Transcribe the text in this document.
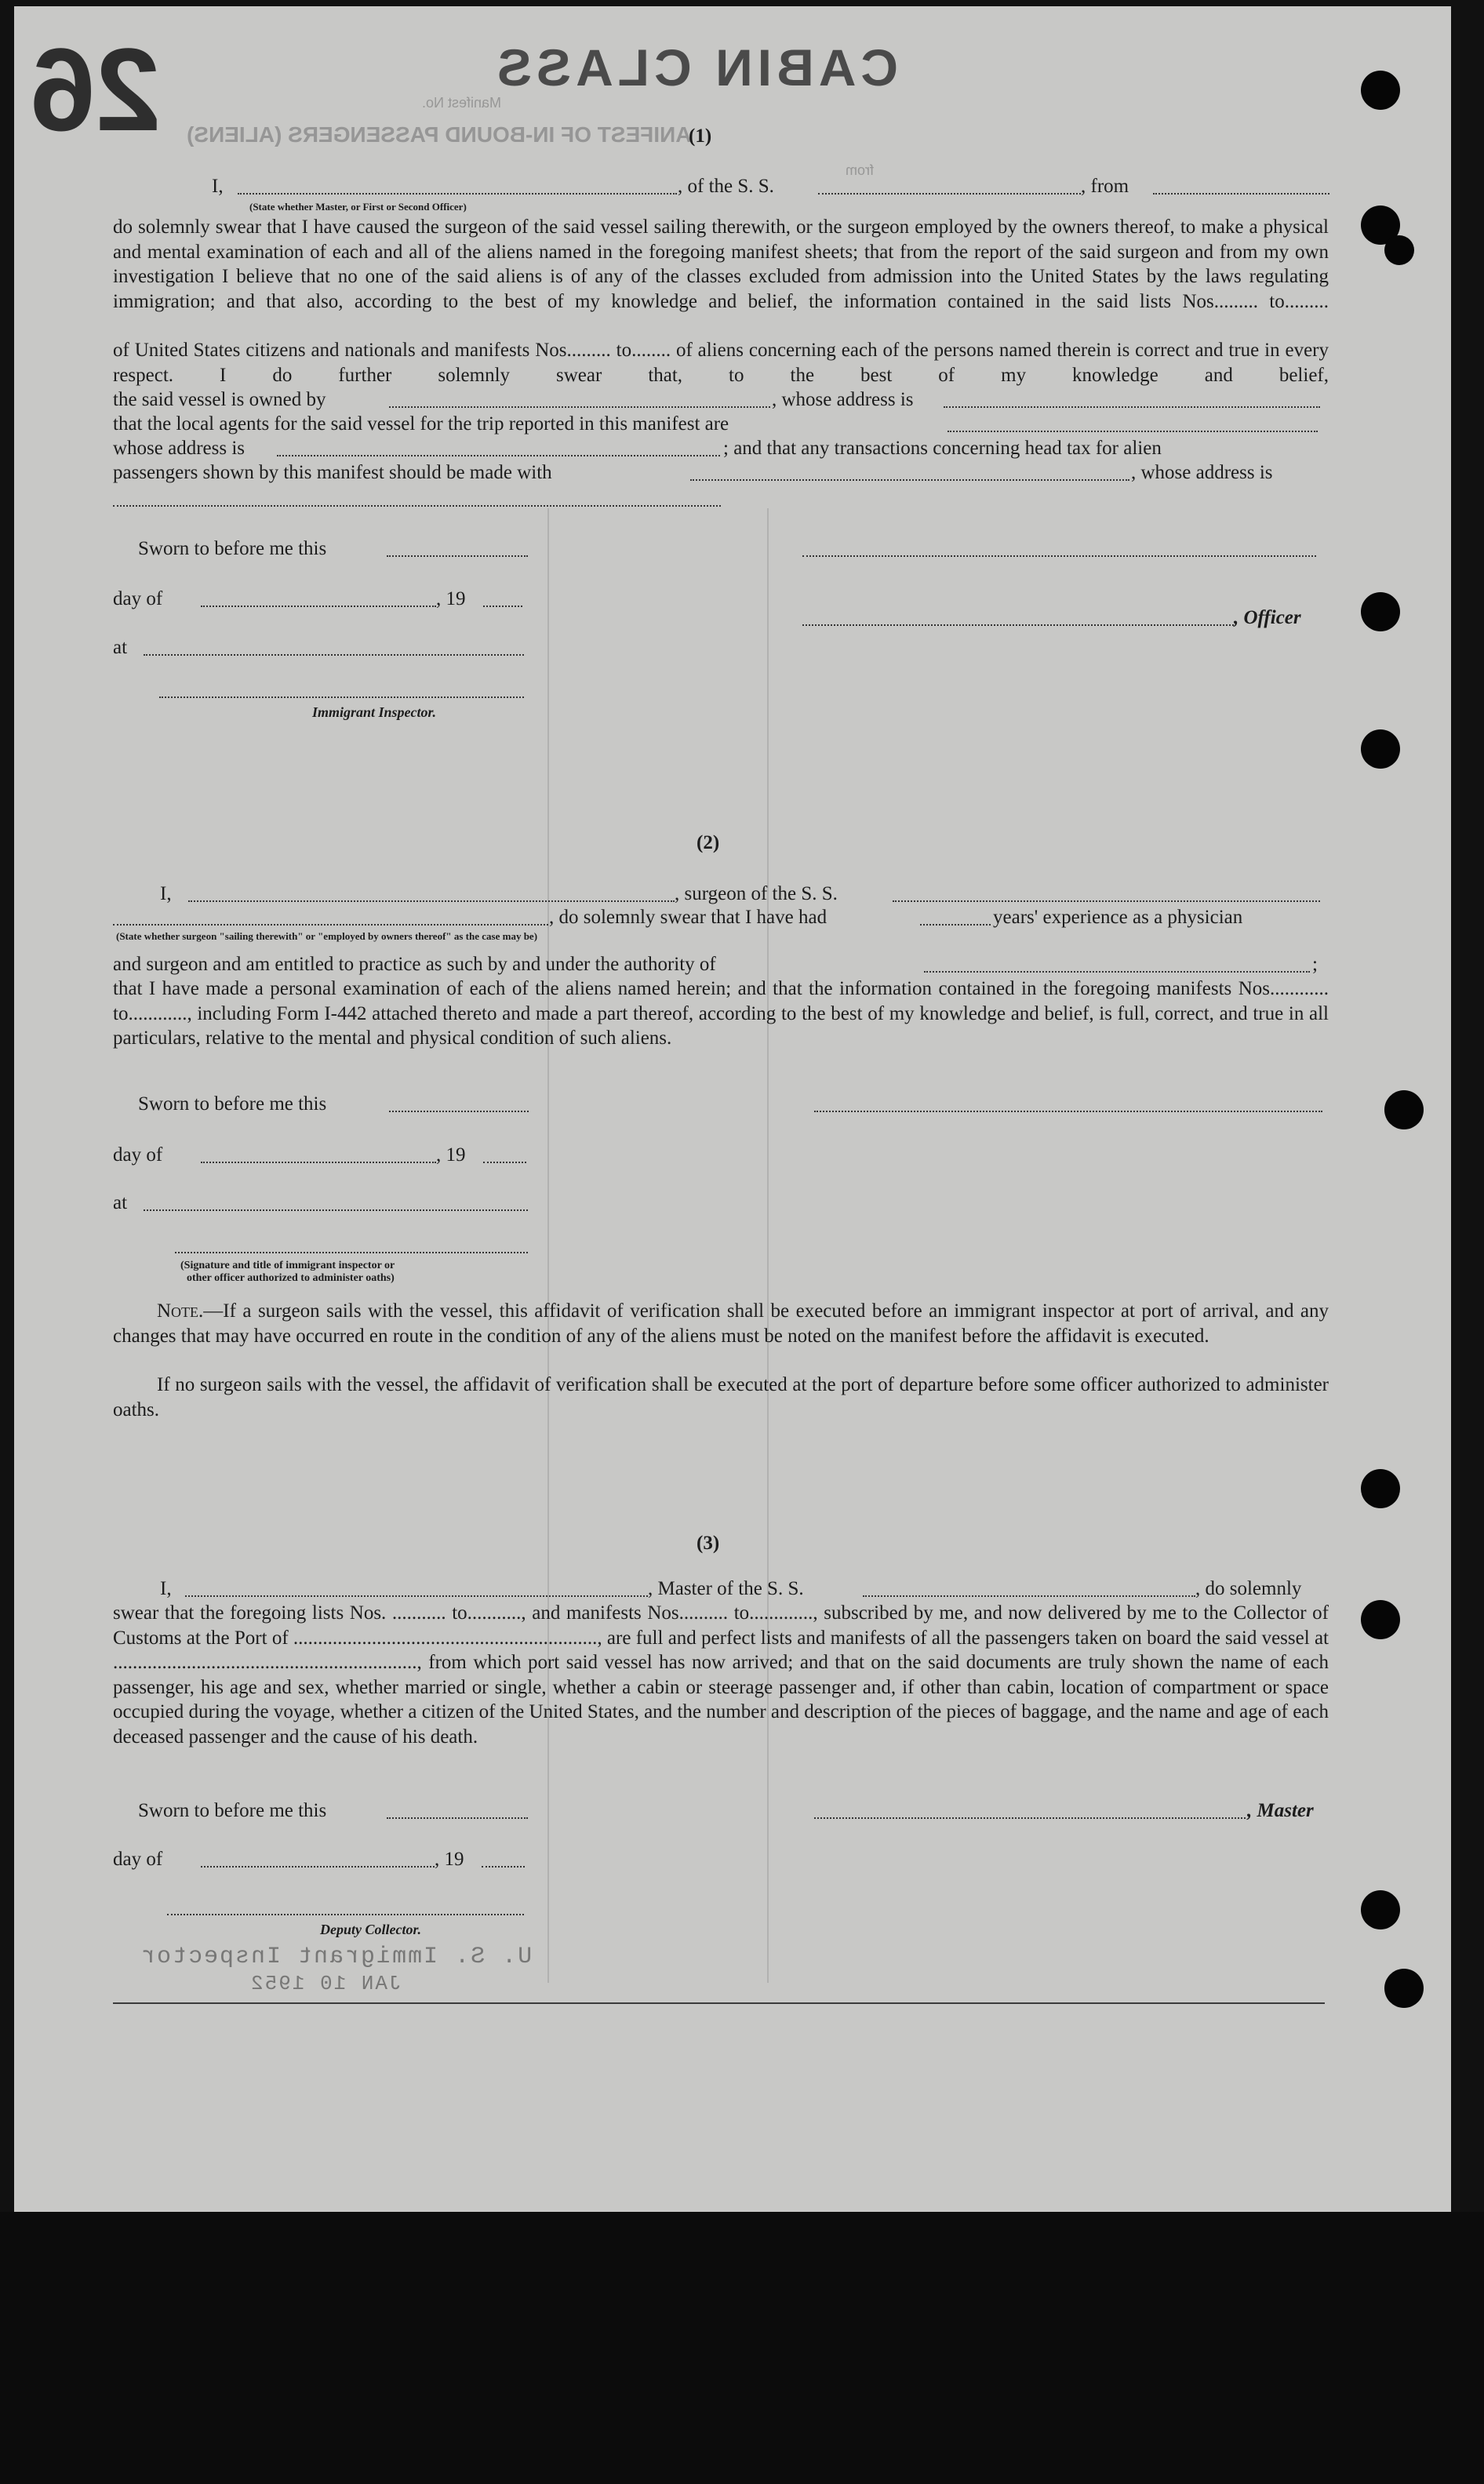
26	CABIN CLASS
ANIFEST OF IN-BOUND PASSENGERS (ALIENS)
Manifest No.
from
(1)
I,	, of the S. S.	, from
(State whether Master, or First or Second Officer)
do solemnly swear that I have caused the surgeon of the said vessel sailing therewith, or the surgeon employed by the owners thereof, to make a physical and mental examination of each and all of the aliens named in the foregoing manifest sheets; that from the report of the said surgeon and from my own investigation I believe that no one of the said aliens is of any of the classes excluded from admission into the United States by the laws regulating immigration; and that also, according to the best of my knowledge and belief, the information contained in the said lists Nos......... to.........
of United States citizens and nationals and manifests Nos......... to........ of aliens concerning each of the persons named therein is correct and true in every respect. I do further solemnly swear that, to the best of my knowledge and belief,
the said vessel is owned by	, whose address is
that the local agents for the said vessel for the trip reported in this manifest are
whose address is	; and that any transactions concerning head tax for alien
passengers shown by this manifest should be made with	, whose address is
Sworn to before me this
day of	, 19
, Officer
at
Immigrant Inspector.
(2)
I,	, surgeon of the S. S.
, do solemnly swear that I have had	years' experience as a physician
(State whether surgeon "sailing therewith" or "employed by owners thereof" as the case may be)
and surgeon and am entitled to practice as such by and under the authority of	;
that I have made a personal examination of each of the aliens named herein; and that the information contained in the foregoing manifests Nos............ to............, including Form I-442 attached thereto and made a part thereof, according to the best of my knowledge and belief, is full, correct, and true in all particulars, relative to the mental and physical condition of such aliens.
Sworn to before me this
day of	, 19
at
(Signature and title of immigrant inspector or
other officer authorized to administer oaths)
Note.—If a surgeon sails with the vessel, this affidavit of verification shall be executed before an immigrant inspector at port of arrival, and any changes that may have occurred en route in the condition of any of the aliens must be noted on the manifest before the affidavit is executed.
If no surgeon sails with the vessel, the affidavit of verification shall be executed at the port of departure before some officer authorized to administer oaths.
(3)
I,	, Master of the S. S.	, do solemnly
swear that the foregoing lists Nos. ........... to..........., and manifests Nos.......... to............., subscribed by me, and now delivered by me to the Collector of Customs at the Port of .............................................................., are full and perfect lists and manifests of all the passengers taken on board the said vessel at .............................................................., from which port said vessel has now arrived; and that on the said documents are truly shown the name of each passenger, his age and sex, whether married or single, whether a cabin or steerage passenger and, if other than cabin, location of compartment or space occupied during the voyage, whether a citizen of the United States, and the number and description of the pieces of baggage, and the name and age of each deceased passenger and the cause of his death.
Sworn to before me this	, Master
day of	, 19
Deputy Collector.
U. S. Immigrant Inspector
JAN 10 1952
